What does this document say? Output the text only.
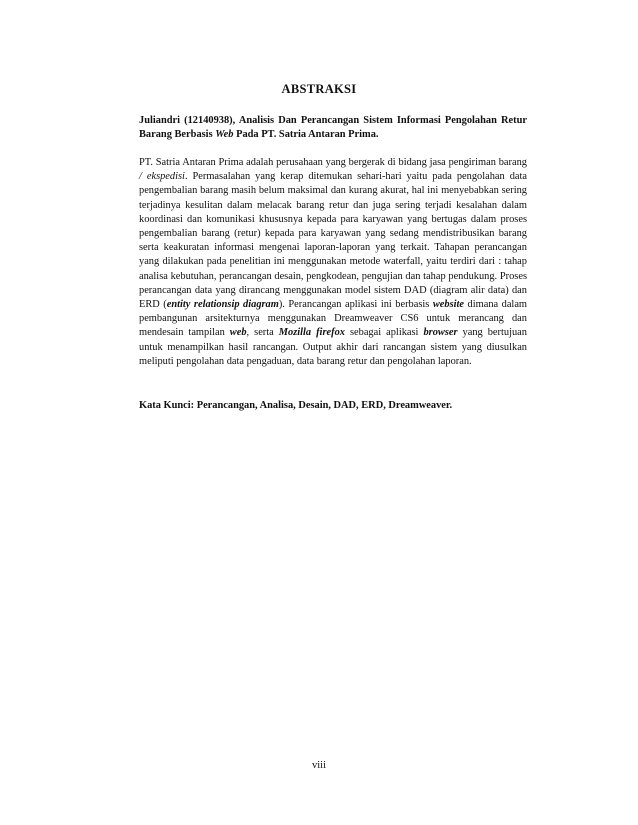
ABSTRAKSI

Juliandri (12140938), Analisis Dan Perancangan Sistem Informasi Pengolahan Retur Barang Berbasis Web Pada PT. Satria Antaran Prima.

PT. Satria Antaran Prima adalah perusahaan yang bergerak di bidang jasa pengiriman barang / ekspedisi. Permasalahan yang kerap ditemukan sehari-hari yaitu pada pengolahan data pengembalian barang masih belum maksimal dan kurang akurat, hal ini menyebabkan sering terjadinya kesulitan dalam melacak barang retur dan juga sering terjadi kesalahan dalam koordinasi dan komunikasi khususnya kepada para karyawan yang bertugas dalam proses pengembalian barang (retur) kepada para karyawan yang sedang mendistribusikan barang serta keakuratan informasi mengenai laporan-laporan yang terkait. Tahapan perancangan yang dilakukan pada penelitian ini menggunakan metode waterfall, yaitu terdiri dari : tahap analisa kebutuhan, perancangan desain, pengkodean, pengujian dan tahap pendukung. Proses perancangan data yang dirancang menggunakan model sistem DAD (diagram alir data) dan ERD (entity relationsip diagram). Perancangan aplikasi ini berbasis website dimana dalam pembangunan arsitekturnya menggunakan Dreamweaver CS6 untuk merancang dan mendesain tampilan web, serta Mozilla firefox sebagai aplikasi browser yang bertujuan untuk menampilkan hasil rancangan. Output akhir dari rancangan sistem yang diusulkan meliputi pengolahan data pengaduan, data barang retur dan pengolahan laporan.

Kata Kunci: Perancangan, Analisa, Desain, DAD, ERD, Dreamweaver.
viii
